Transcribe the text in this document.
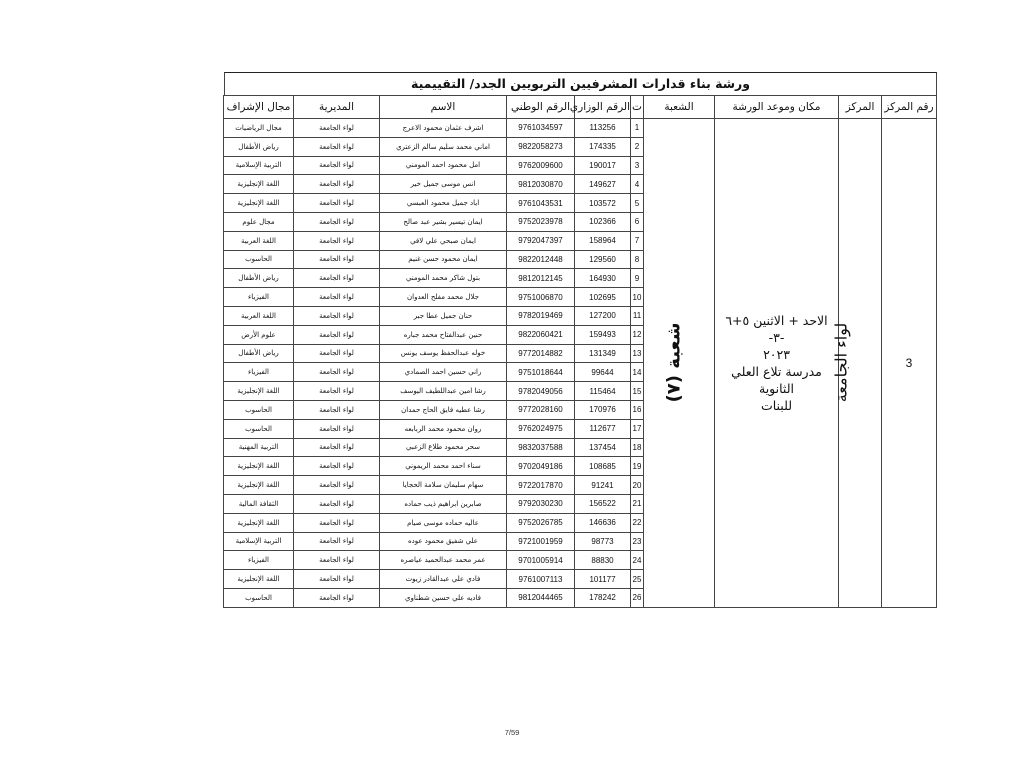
ورشة بناء قدارات المشرفيين التربويين الجدد/ التقييمية
رقم المركز	المركز	مكان وموعد الورشة	الشعبة	ت	الرقم الوزاري	الرقم الوطني	الاسم	المديرية	مجال الإشراف
3	لواء الجامعة	الاحد + الاثنين ٥+٦ -٣-
٢٠٢٣
مدرسة تلاع العلي الثانوية
للبنات	شعبة (٧)	1	113256	9761034597	اشرف عثمان محمود الاعرج	لواء الجامعة	مجال الرياضيات
				2	174335	9822058273	اماني محمد سليم سالم الزعتري	لواء الجامعة	رياض الأطفال
				3	190017	9762009600	امل محمود احمد المومني	لواء الجامعة	التربية الإسلامية
				4	149627	9812030870	انس موسى جميل خير	لواء الجامعة	اللغة الإنجليزية
				5	103572	9761043531	اياد جميل محمود العبسي	لواء الجامعة	اللغة الإنجليزية
				6	102366	9752023978	ايمان تيسير بشير عبد صالح	لواء الجامعة	مجال علوم
				7	158964	9792047397	ايمان صبحي علي لافي	لواء الجامعة	اللغة العربية
				8	129560	9822012448	ايمان محمود حسن غنيم	لواء الجامعة	الحاسوب
				9	164930	9812012145	بتول شاكر محمد المومني	لواء الجامعة	رياض الأطفال
				10	102695	9751006870	جلال محمد مفلح العدوان	لواء الجامعة	الفيزياء
				11	127200	9782019469	حنان جميل عطا جبر	لواء الجامعة	اللغة العربية
				12	159493	9822060421	حنين عبدالفتاح محمد جباره	لواء الجامعة	علوم الأرض
				13	131349	9772014882	خوله عبدالحفظ يوسف يونس	لواء الجامعة	رياض الأطفال
				14	99644	9751018644	راني حسين احمد الصمادي	لواء الجامعة	الفيزياء
				15	115464	9782049056	رشا امين عبداللطيف اليوسف	لواء الجامعة	اللغة الإنجليزية
				16	170976	9772028160	رشا عطيه فايق الحاج حمدان	لواء الجامعة	الحاسوب
				17	112677	9762024975	روان محمود محمد الربابعه	لواء الجامعة	الحاسوب
				18	137454	9832037588	سحر محمود طلاع الزعبي	لواء الجامعة	التربية المهنية
				19	108685	9702049186	سناء احمد محمد الريموني	لواء الجامعة	اللغة الإنجليزية
				20	91241	9722017870	سهام سليمان سلامة الحجايا	لواء الجامعة	اللغة الإنجليزية
				21	156522	9792030230	صابرين ابراهيم ذيب حماده	لواء الجامعة	الثقافة المالية
				22	146636	9752026785	عاليه حماده موسى صيام	لواء الجامعة	اللغة الإنجليزية
				23	98773	9721001959	علي شفيق محمود عوده	لواء الجامعة	التربية الإسلامية
				24	88830	9701005914	عمر محمد عبدالحميد عياصره	لواء الجامعة	الفيزياء
				25	101177	9761007113	فادي علي عبدالقادر زيوت	لواء الجامعة	اللغة الإنجليزية
				26	178242	9812044465	فاديه علي حسين شطناوي	لواء الجامعة	الحاسوب
7/59
